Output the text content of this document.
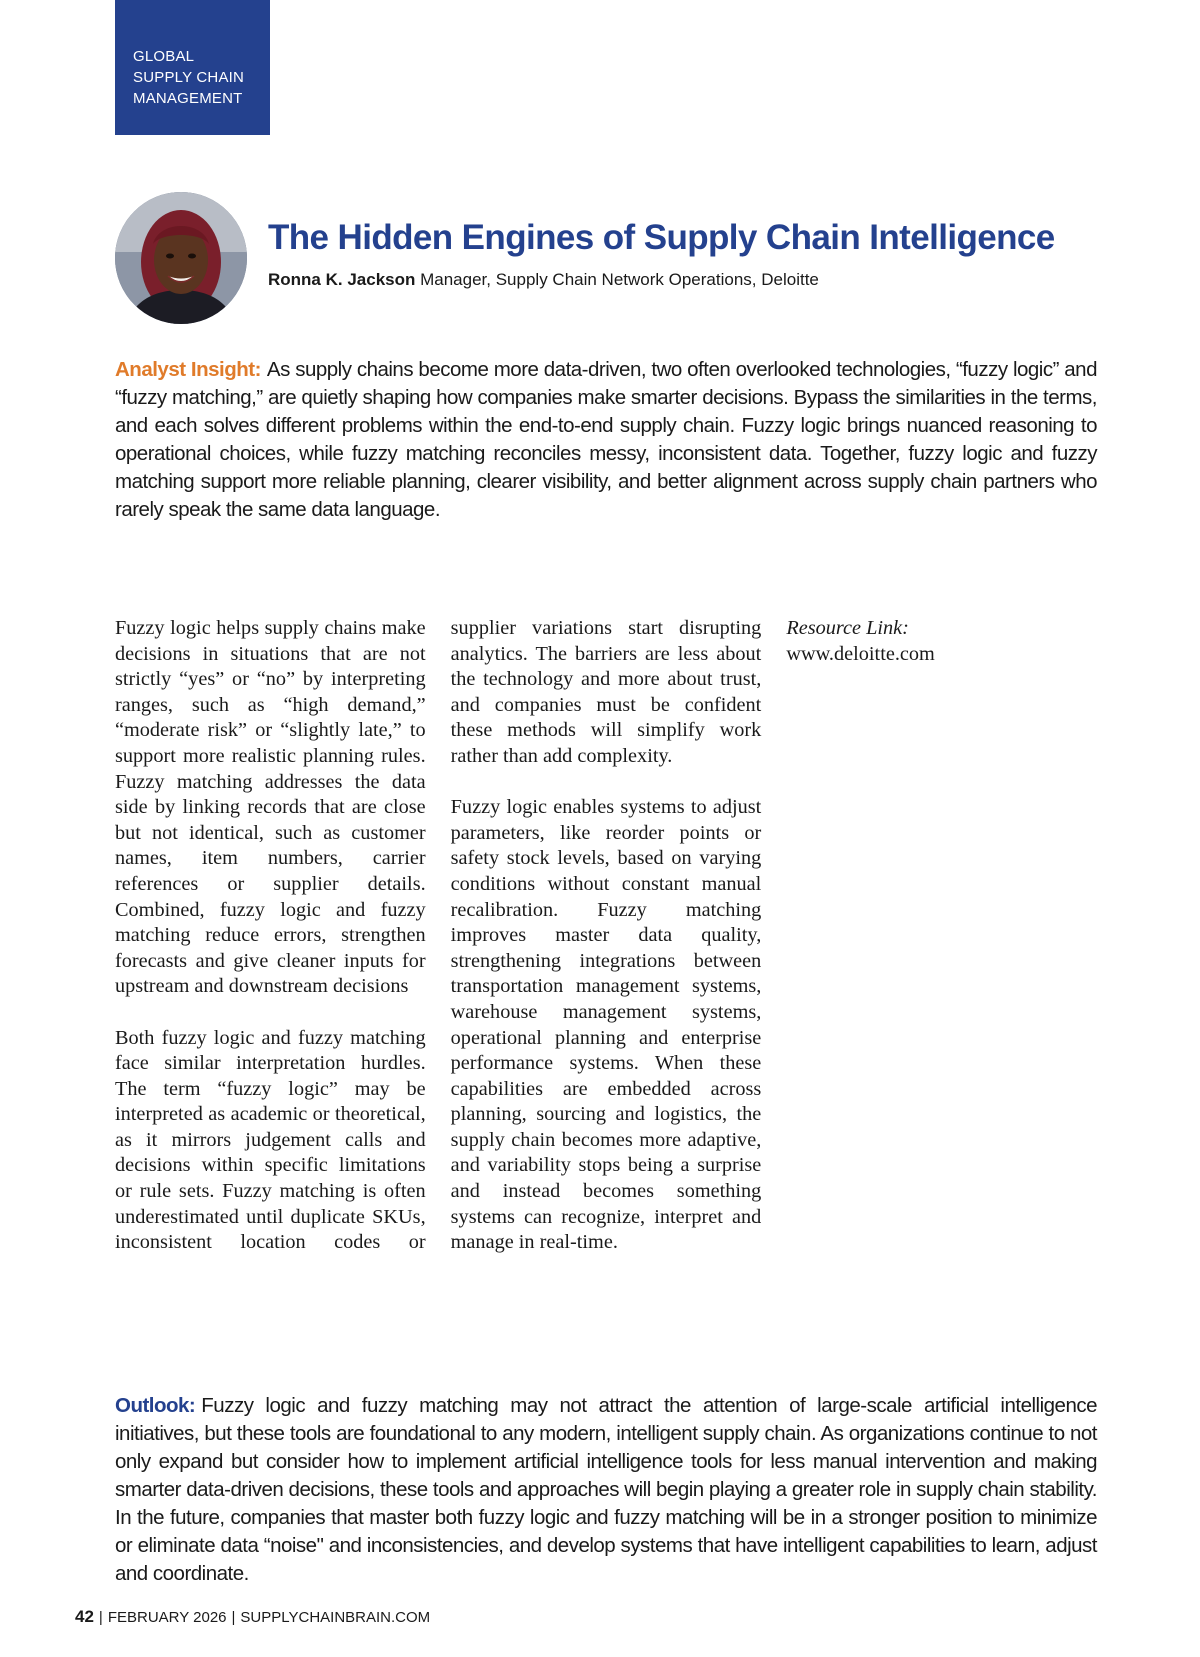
GLOBAL
SUPPLY CHAIN
MANAGEMENT
The Hidden Engines of Supply Chain Intelligence
Ronna K. Jackson Manager, Supply Chain Network Operations, Deloitte

Analyst Insight: As supply chains become more data-driven, two often overlooked technologies, “fuzzy logic” and “fuzzy matching,” are quietly shaping how companies make smarter decisions. Bypass the similarities in the terms, and each solves different problems within the end-to-end supply chain. Fuzzy logic brings nuanced reasoning to operational choices, while fuzzy matching reconciles messy, inconsistent data. Together, fuzzy logic and fuzzy matching support more reliable planning, clearer visibility, and better alignment across supply chain partners who rarely speak the same data language.

Fuzzy logic helps supply chains make decisions in situations that are not strictly “yes” or “no” by interpreting ranges, such as “high demand,” “moderate risk” or “slightly late,” to support more realistic planning rules. Fuzzy matching addresses the data side by linking records that are close but not identical, such as customer names, item numbers, carrier references or supplier details. Combined, fuzzy logic and fuzzy matching reduce errors, strengthen forecasts and give cleaner inputs for upstream and downstream decisions

Both fuzzy logic and fuzzy matching face similar interpretation hurdles. The term “fuzzy logic” may be interpreted as academic or theoretical, as it mirrors judgement calls and decisions within specific limitations or rule sets. Fuzzy matching is often underestimated until duplicate SKUs, inconsistent location codes or supplier variations start disrupting analytics. The barriers are less about the technology and more about trust, and companies must be confident these methods will simplify work rather than add complexity.

Fuzzy logic enables systems to adjust parameters, like reorder points or safety stock levels, based on varying conditions without constant manual recalibration. Fuzzy matching improves master data quality, strengthening integrations between transportation management systems, warehouse management systems, operational planning and enterprise performance systems. When these capabilities are embedded across planning, sourcing and logistics, the supply chain becomes more adaptive, and variability stops being a surprise and instead becomes something systems can recognize, interpret and manage in real-time.

Resource Link:
www.deloitte.com

Outlook: Fuzzy logic and fuzzy matching may not attract the attention of large-scale artificial intelligence initiatives, but these tools are foundational to any modern, intelligent supply chain. As organizations continue to not only expand but consider how to implement artificial intelligence tools for less manual intervention and making smarter data-driven decisions, these tools and approaches will begin playing a greater role in supply chain stability. In the future, companies that master both fuzzy logic and fuzzy matching will be in a stronger position to minimize or eliminate data “noise" and inconsistencies, and develop systems that have intelligent capabilities to learn, adjust and coordinate.

42 | FEBRUARY 2026 | SUPPLYCHAINBRAIN.COM
